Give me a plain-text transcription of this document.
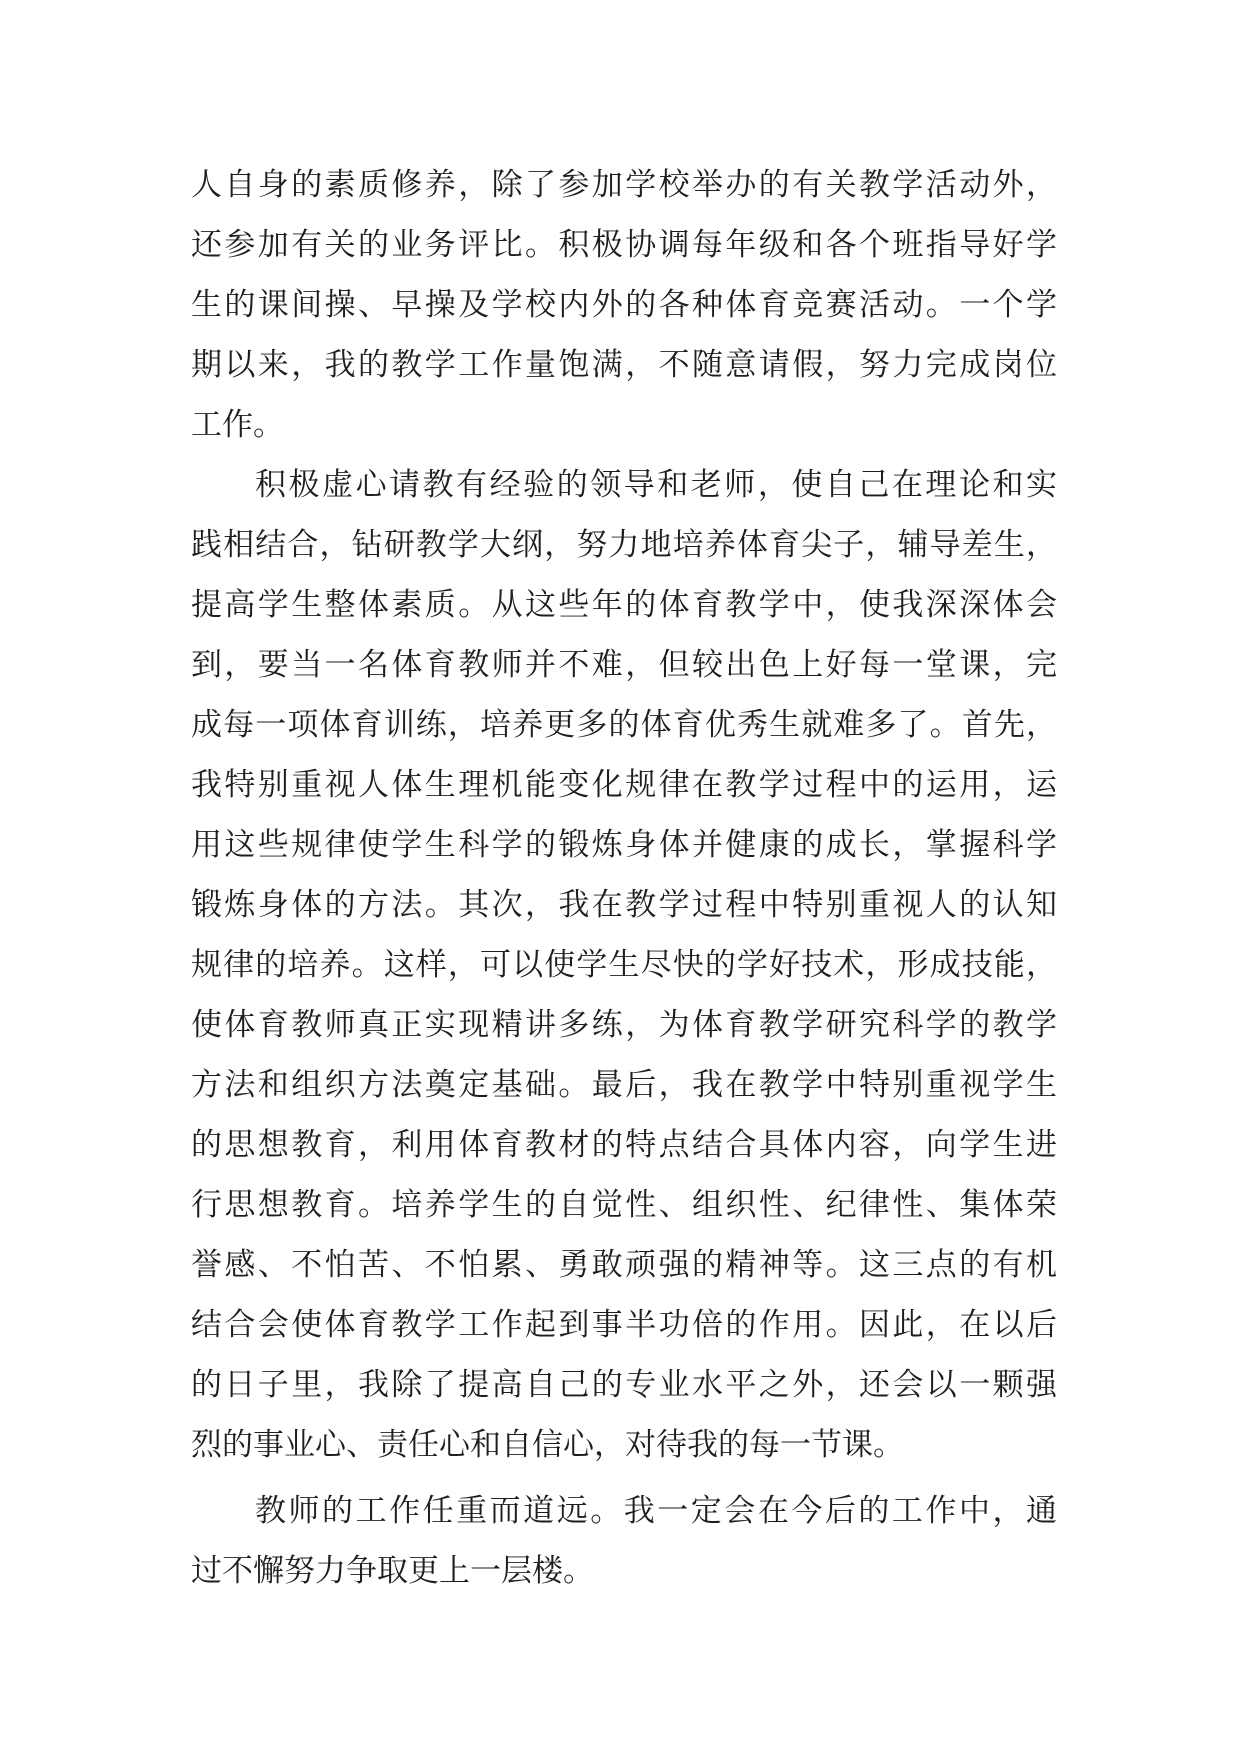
人自身的素质修养，除了参加学校举办的有关教学活动外，
还参加有关的业务评比。积极协调每年级和各个班指导好学
生的课间操、早操及学校内外的各种体育竞赛活动。一个学
期以来，我的教学工作量饱满，不随意请假，努力完成岗位
工作。
积极虚心请教有经验的领导和老师，使自己在理论和实
践相结合，钻研教学大纲，努力地培养体育尖子，辅导差生，
提高学生整体素质。从这些年的体育教学中，使我深深体会
到，要当一名体育教师并不难，但较出色上好每一堂课，完
成每一项体育训练，培养更多的体育优秀生就难多了。首先，
我特别重视人体生理机能变化规律在教学过程中的运用，运
用这些规律使学生科学的锻炼身体并健康的成长，掌握科学
锻炼身体的方法。其次，我在教学过程中特别重视人的认知
规律的培养。这样，可以使学生尽快的学好技术，形成技能，
使体育教师真正实现精讲多练，为体育教学研究科学的教学
方法和组织方法奠定基础。最后，我在教学中特别重视学生
的思想教育，利用体育教材的特点结合具体内容，向学生进
行思想教育。培养学生的自觉性、组织性、纪律性、集体荣
誉感、不怕苦、不怕累、勇敢顽强的精神等。这三点的有机
结合会使体育教学工作起到事半功倍的作用。因此，在以后
的日子里，我除了提高自己的专业水平之外，还会以一颗强
烈的事业心、责任心和自信心，对待我的每一节课。
教师的工作任重而道远。我一定会在今后的工作中，通
过不懈努力争取更上一层楼。
